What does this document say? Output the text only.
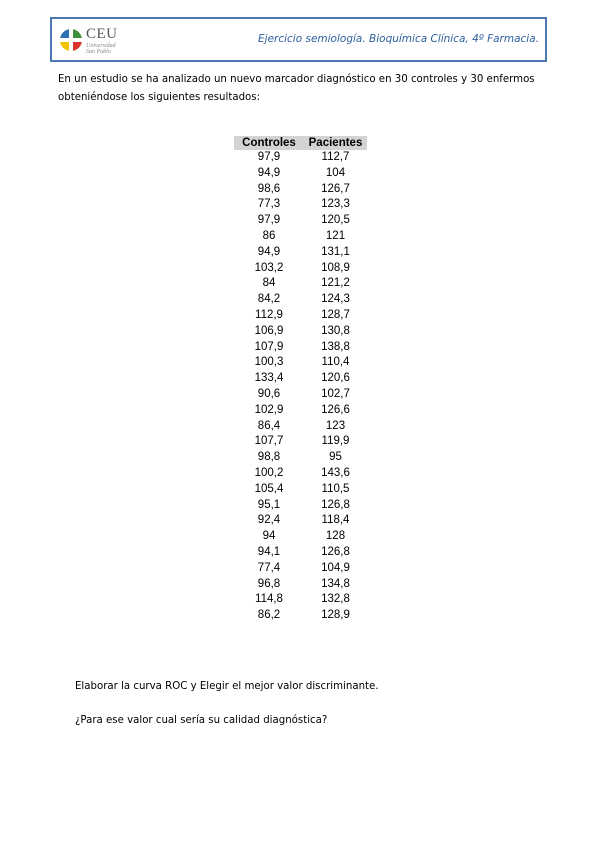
CEU
Universidad
San Pablo
Ejercicio semiología. Bioquímica Clínica, 4º Farmacia.
En un estudio se ha analizado un nuevo marcador diagnóstico en 30 controles y 30 enfermos
obteniéndose los siguientes resultados:
Controles	Pacientes
97,9	112,7
94,9	104
98,6	126,7
77,3	123,3
97,9	120,5
86	121
94,9	131,1
103,2	108,9
84	121,2
84,2	124,3
112,9	128,7
106,9	130,8
107,9	138,8
100,3	110,4
133,4	120,6
90,6	102,7
102,9	126,6
86,4	123
107,7	119,9
98,8	95
100,2	143,6
105,4	110,5
95,1	126,8
92,4	118,4
94	128
94,1	126,8
77,4	104,9
96,8	134,8
114,8	132,8
86,2	128,9
Elaborar la curva ROC y Elegir el mejor valor discriminante.
¿Para ese valor cual sería su calidad diagnóstica?
